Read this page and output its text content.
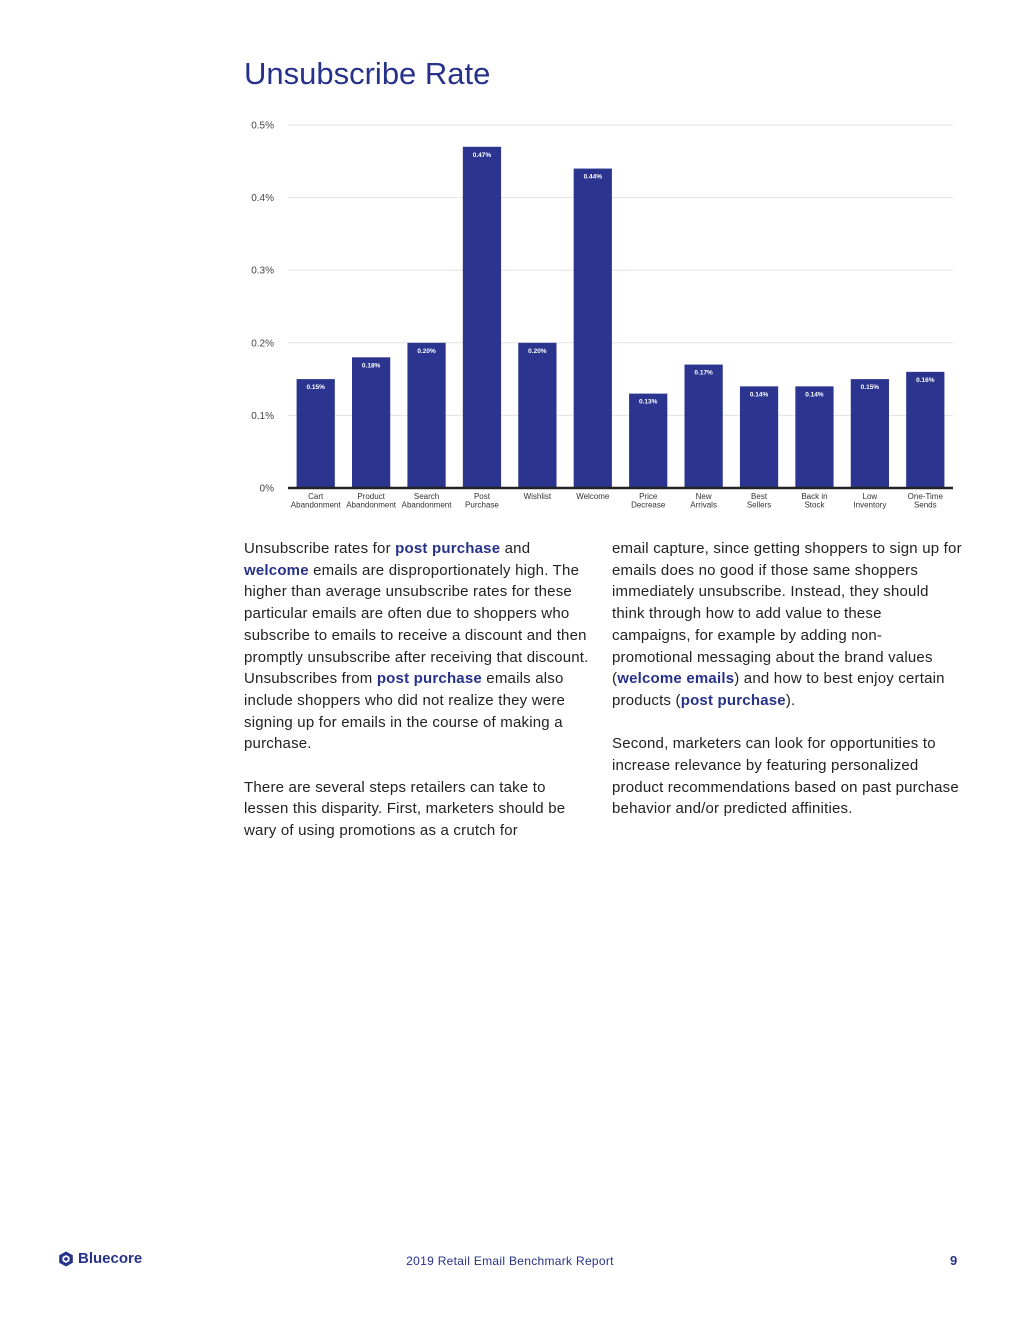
Unsubscribe Rate
0%
0.1%
0.2%
0.3%
0.4%
0.5%
0.15%
Cart Abandonment
0.18%
Product Abandonment
0.20%
Search Abandonment
0.47%
Post Purchase
0.20%
Wishlist
0.44%
Welcome
0.13%
Price Decrease
0.17%
New Arrivals
0.14%
Best Sellers
0.14%
Back in Stock
0.15%
Low Inventory
0.16%
One-Time Sends

Unsubscribe rates for post purchase and welcome emails are disproportionately high. The higher than average unsubscribe rates for these particular emails are often due to shoppers who subscribe to emails to receive a discount and then promptly unsubscribe after receiving that discount. Unsubscribes from post purchase emails also include shoppers who did not realize they were signing up for emails in the course of making a purchase.

There are several steps retailers can take to lessen this disparity. First, marketers should be wary of using promotions as a crutch for

email capture, since getting shoppers to sign up for emails does no good if those same shoppers immediately unsubscribe. Instead, they should think through how to add value to these campaigns, for example by adding non-promotional messaging about the brand values (welcome emails) and how to best enjoy certain products (post purchase).

Second, marketers can look for opportunities to increase relevance by featuring personalized product recommendations based on past purchase behavior and/or predicted affinities.

Bluecore	2019 Retail Email Benchmark Report	9
